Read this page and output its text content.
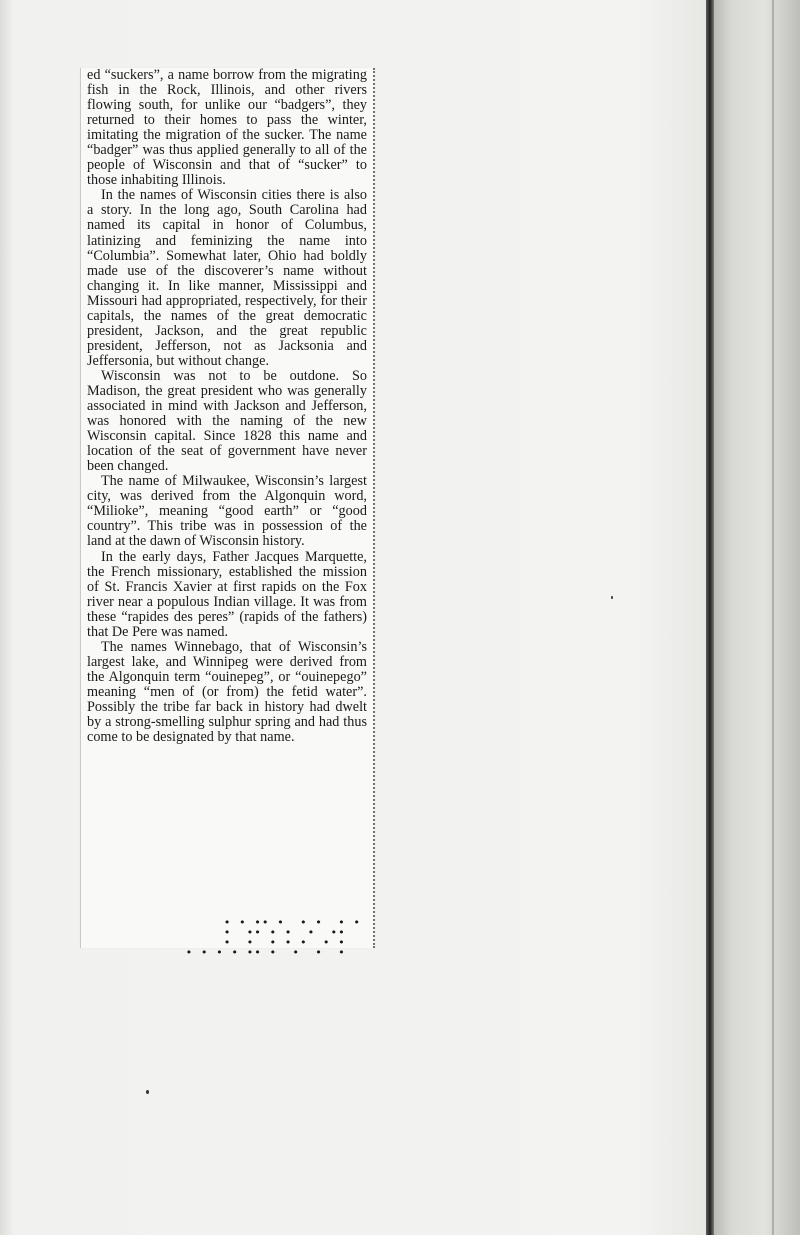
ed “suckers”, a name borrow from the migrating fish in the Rock, Illinois, and other rivers flowing south, for unlike our “badgers”, they returned to their homes to pass the winter, imitating the migration of the sucker. The name “badger” was thus applied generally to all of the people of Wisconsin and that of “sucker” to those inhabiting Illinois.

In the names of Wisconsin cities there is also a story. In the long ago, South Carolina had named its capital in honor of Columbus, latinizing and feminizing the name into “Columbia”. Somewhat later, Ohio had boldly made use of the discoverer’s name without changing it. In like manner, Mississippi and Missouri had appropriated, respectively, for their capitals, the names of the great democratic president, Jackson, and the great republic president, Jefferson, not as Jacksonia and Jeffersonia, but without change.

Wisconsin was not to be outdone. So Madison, the great president who was generally associated in mind with Jackson and Jefferson, was honored with the naming of the new Wisconsin capital. Since 1828 this name and location of the seat of government have never been changed.

The name of Milwaukee, Wisconsin’s largest city, was derived from the Algonquin word, “Milioke”, meaning “good earth” or “good country”. This tribe was in possession of the land at the dawn of Wisconsin history.

In the early days, Father Jacques Marquette, the French missionary, established the mission of St. Francis Xavier at first rapids on the Fox river near a populous Indian village. It was from these “rapides des peres” (rapids of the fathers) that De Pere was named.

The names Winnebago, that of Wisconsin’s largest lake, and Winnipeg were derived from the Algonquin term “ouinepeg”, or “ouinepego” meaning “men of (or from) the fetid water”. Possibly the tribe far back in history had dwelt by a strong-smelling sulphur spring and had thus come to be designated by that name.

• • •• •  • •  • •
•  •• • •  •  ••
•  •  • • •  • •
• • • • •• •  •  •  •
